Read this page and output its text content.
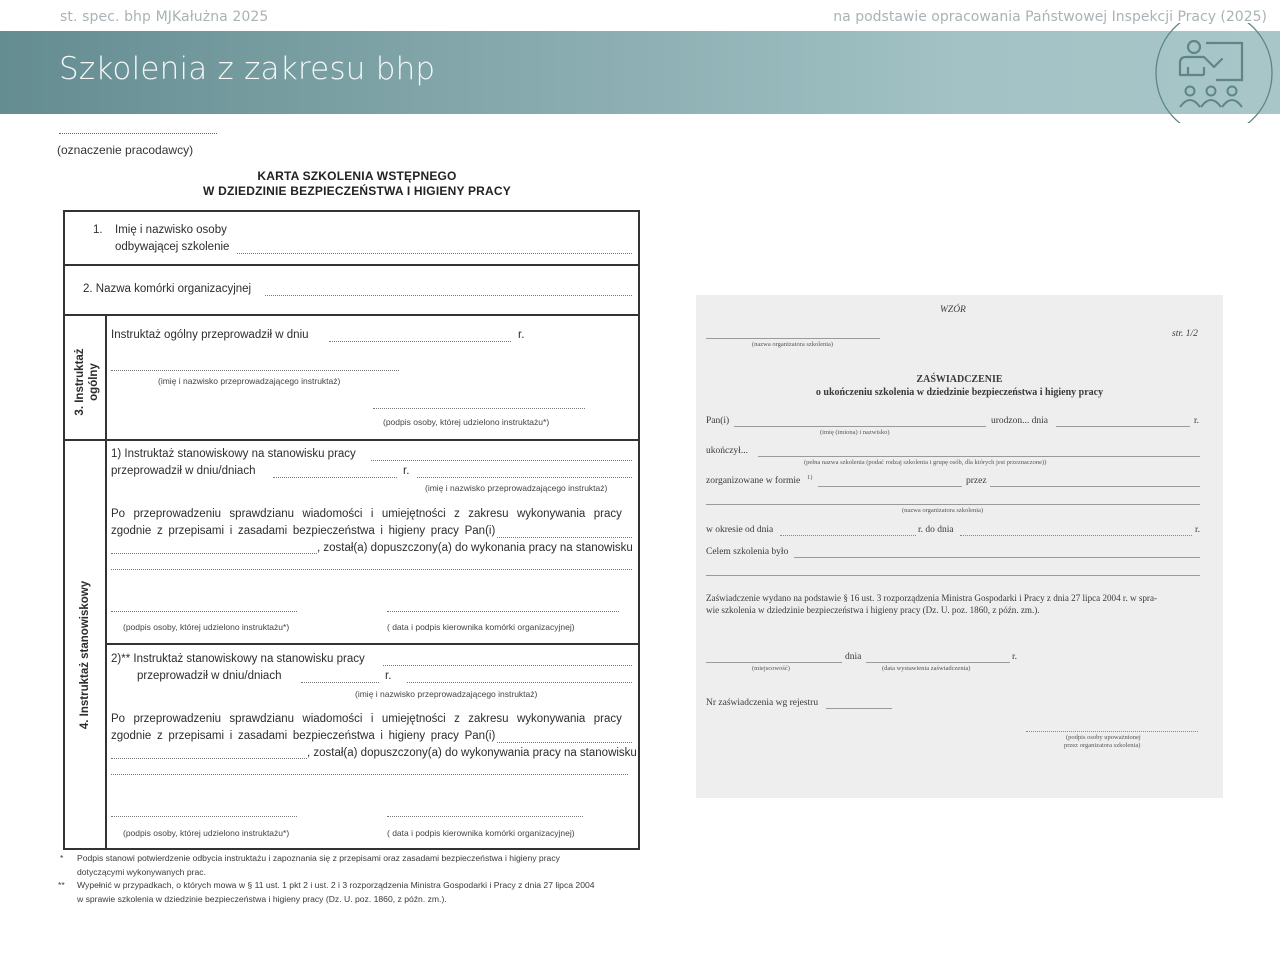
st. spec. bhp MJKałużna 2025	na podstawie opracowania Państwowej Inspekcji Pracy (2025)
Szkolenia z zakresu bhp
(oznaczenie pracodawcy)
KARTA SZKOLENIA WSTĘPNEGO
W DZIEDZINIE BEZPIECZEŃSTWA I HIGIENY PRACY
1. Imię i nazwisko osoby
odbywającej szkolenie
2. Nazwa komórki organizacyjnej
3. Instruktaż ogólny
Instruktaż ogólny przeprowadził w dniu	r.
(imię i nazwisko przeprowadzającego instruktaż)
(podpis osoby, której udzielono instruktażu*)
4. Instruktaż stanowiskowy
1) Instruktaż stanowiskowy na stanowisku pracy
przeprowadził w dniu/dniach	r.
(imię i nazwisko przeprowadzającego instruktaż)
Po przeprowadzeniu sprawdzianu wiadomości i umiejętności z zakresu wykonywania pracy
zgodnie z przepisami i zasadami bezpieczeństwa i higieny pracy Pan(i)
, został(a) dopuszczony(a) do wykonania pracy na stanowisku
(podpis osoby, której udzielono instruktażu*)	( data i podpis kierownika komórki organizacyjnej)
2)** Instruktaż stanowiskowy na stanowisku pracy
przeprowadził w dniu/dniach	r.
(imię i nazwisko przeprowadzającego instruktaż)
Po przeprowadzeniu sprawdzianu wiadomości i umiejętności z zakresu wykonywania pracy
zgodnie z przepisami i zasadami bezpieczeństwa i higieny pracy Pan(i)
, został(a) dopuszczony(a) do wykonywania pracy na stanowisku
(podpis osoby, której udzielono instruktażu*)	( data i podpis kierownika komórki organizacyjnej)
* Podpis stanowi potwierdzenie odbycia instruktażu i zapoznania się z przepisami oraz zasadami bezpieczeństwa i higieny pracy
dotyczącymi wykonywanych prac.
** Wypełnić w przypadkach, o których mowa w § 11 ust. 1 pkt 2 i ust. 2 i 3 rozporządzenia Ministra Gospodarki i Pracy z dnia 27 lipca 2004
w sprawie szkolenia w dziedzinie bezpieczeństwa i higieny pracy (Dz. U. poz. 1860, z późn. zm.).
WZÓR
(nazwa organizatora szkolenia)
str. 1/2
ZAŚWIADCZENIE
o ukończeniu szkolenia w dziedzinie bezpieczeństwa i higieny pracy
Pan(i)	urodzon... dnia	r.
(imię (imiona) i nazwisko)
ukończył...
(pełna nazwa szkolenia (podać rodzaj szkolenia i grupę osób, dla których jest przeznaczone))
zorganizowane w formie 1)	przez
(nazwa organizatora szkolenia)
w okresie od dnia	r. do dnia	r.
Celem szkolenia było
Zaświadczenie wydano na podstawie § 16 ust. 3 rozporządzenia Ministra Gospodarki i Pracy z dnia 27 lipca 2004 r. w spra-
wie szkolenia w dziedzinie bezpieczeństwa i higieny pracy (Dz. U. poz. 1860, z późn. zm.).
dnia	r.
(miejscowość)	(data wystawienia zaświadczenia)
Nr zaświadczenia wg rejestru
(podpis osoby upoważnionej
przez organizatora szkolenia)
